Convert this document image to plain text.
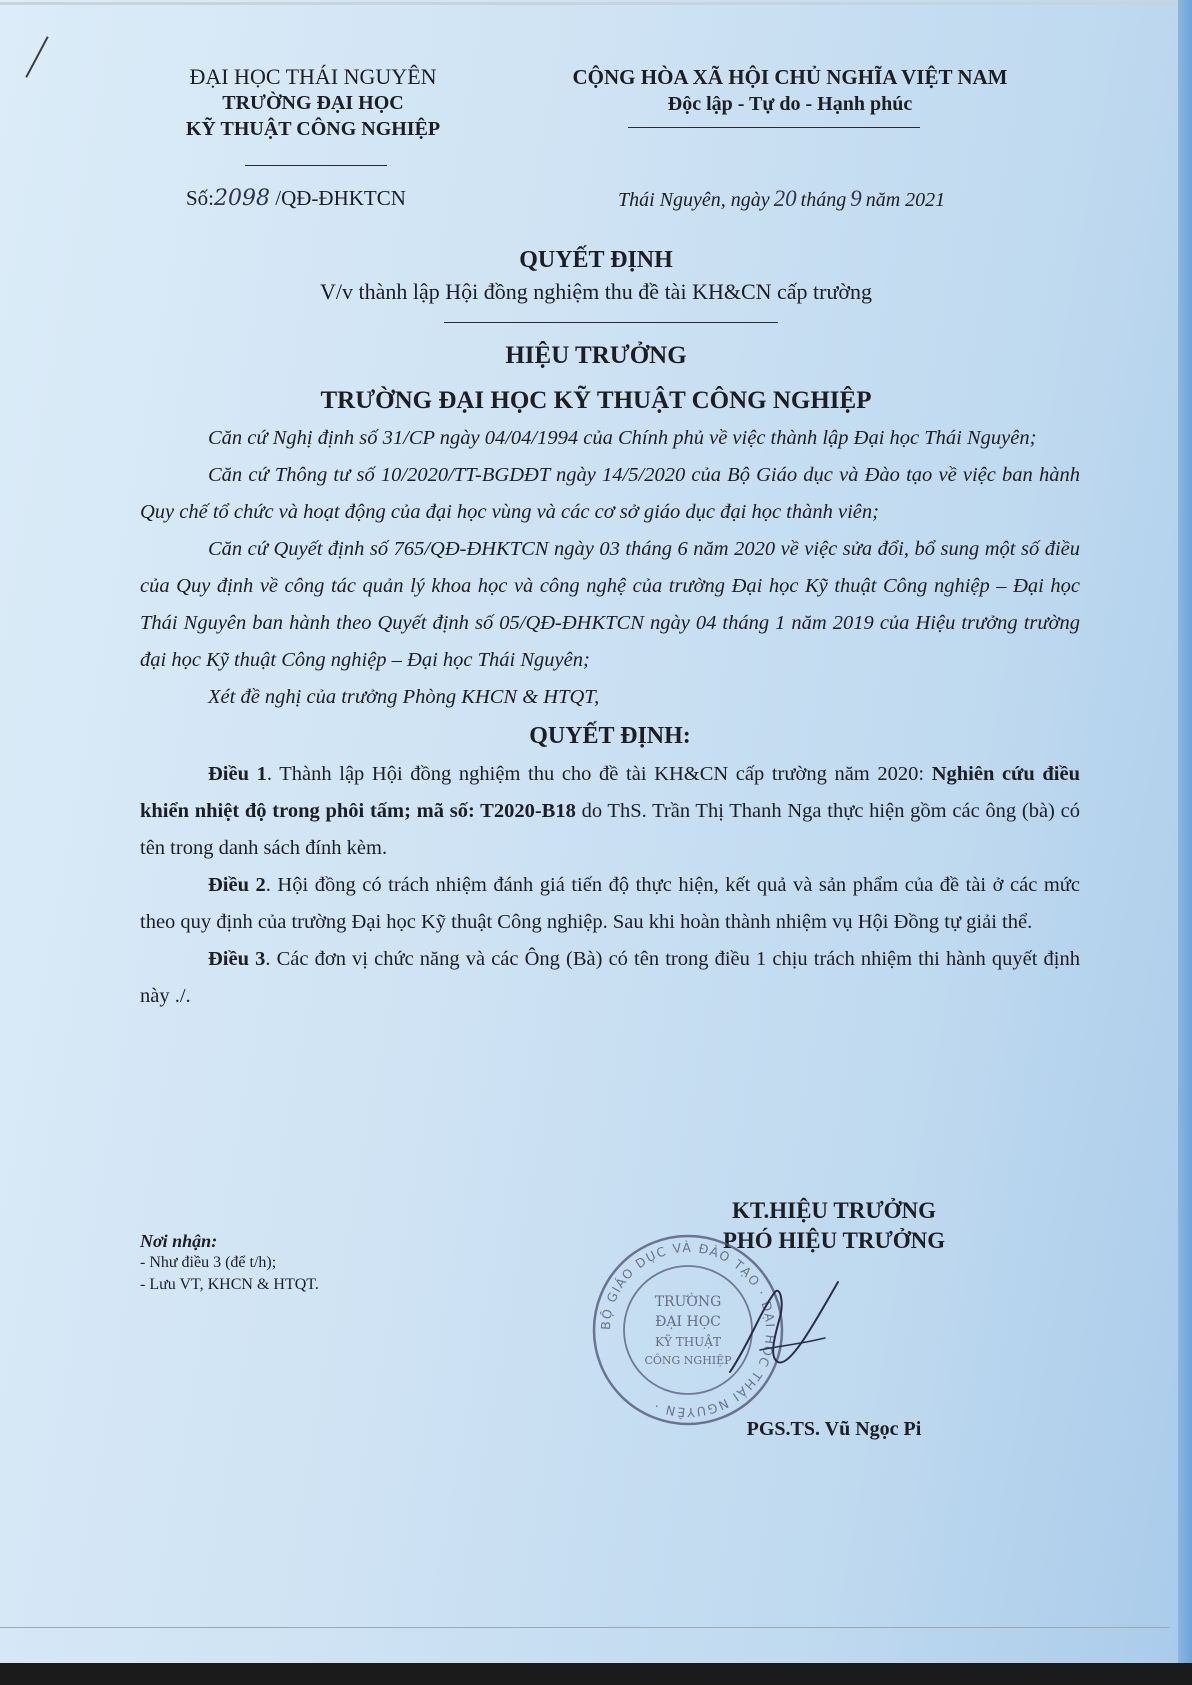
ĐẠI HỌC THÁI NGUYÊN
TRƯỜNG ĐẠI HỌC
KỸ THUẬT CÔNG NGHIỆP
CỘNG HÒA XÃ HỘI CHỦ NGHĨA VIỆT NAM
Độc lập - Tự do - Hạnh phúc
Số:2098 /QĐ-ĐHKTCN	Thái Nguyên, ngày 20 tháng 9 năm 2021
QUYẾT ĐỊNH
V/v thành lập Hội đồng nghiệm thu đề tài KH&CN cấp trường
HIỆU TRƯỞNG
TRƯỜNG ĐẠI HỌC KỸ THUẬT CÔNG NGHIỆP

Căn cứ Nghị định số 31/CP ngày 04/04/1994 của Chính phủ về việc thành lập Đại học Thái Nguyên;

Căn cứ Thông tư số 10/2020/TT-BGDĐT ngày 14/5/2020 của Bộ Giáo dục và Đào tạo về việc ban hành Quy chế tổ chức và hoạt động của đại học vùng và các cơ sở giáo dục đại học thành viên;

Căn cứ Quyết định số 765/QĐ-ĐHKTCN ngày 03 tháng 6 năm 2020 về việc sửa đổi, bổ sung một số điều của Quy định về công tác quản lý khoa học và công nghệ của trường Đại học Kỹ thuật Công nghiệp – Đại học Thái Nguyên ban hành theo Quyết định số 05/QĐ-ĐHKTCN ngày 04 tháng 1 năm 2019 của Hiệu trưởng trường đại học Kỹ thuật Công nghiệp – Đại học Thái Nguyên;

Xét đề nghị của trưởng Phòng KHCN & HTQT,

QUYẾT ĐỊNH:

Điều 1. Thành lập Hội đồng nghiệm thu cho đề tài KH&CN cấp trường năm 2020: Nghiên cứu điều khiển nhiệt độ trong phôi tấm; mã số: T2020-B18 do ThS. Trần Thị Thanh Nga thực hiện gồm các ông (bà) có tên trong danh sách đính kèm.

Điều 2. Hội đồng có trách nhiệm đánh giá tiến độ thực hiện, kết quả và sản phẩm của đề tài ở các mức theo quy định của trường Đại học Kỹ thuật Công nghiệp. Sau khi hoàn thành nhiệm vụ Hội Đồng tự giải thể.

Điều 3. Các đơn vị chức năng và các Ông (Bà) có tên trong điều 1 chịu trách nhiệm thi hành quyết định này ./.

Nơi nhận:
- Như điều 3 (để t/h);
- Lưu VT, KHCN & HTQT.
KT.HIỆU TRƯỞNG
PHÓ HIỆU TRƯỞNG
BỘ GIÁO DỤC VÀ ĐÀO TẠO · ĐẠI HỌC THÁI NGUYÊN ·
TRƯỜNG
ĐẠI HỌC
KỸ THUẬT
CÔNG NGHIỆP
PGS.TS. Vũ Ngọc Pi
